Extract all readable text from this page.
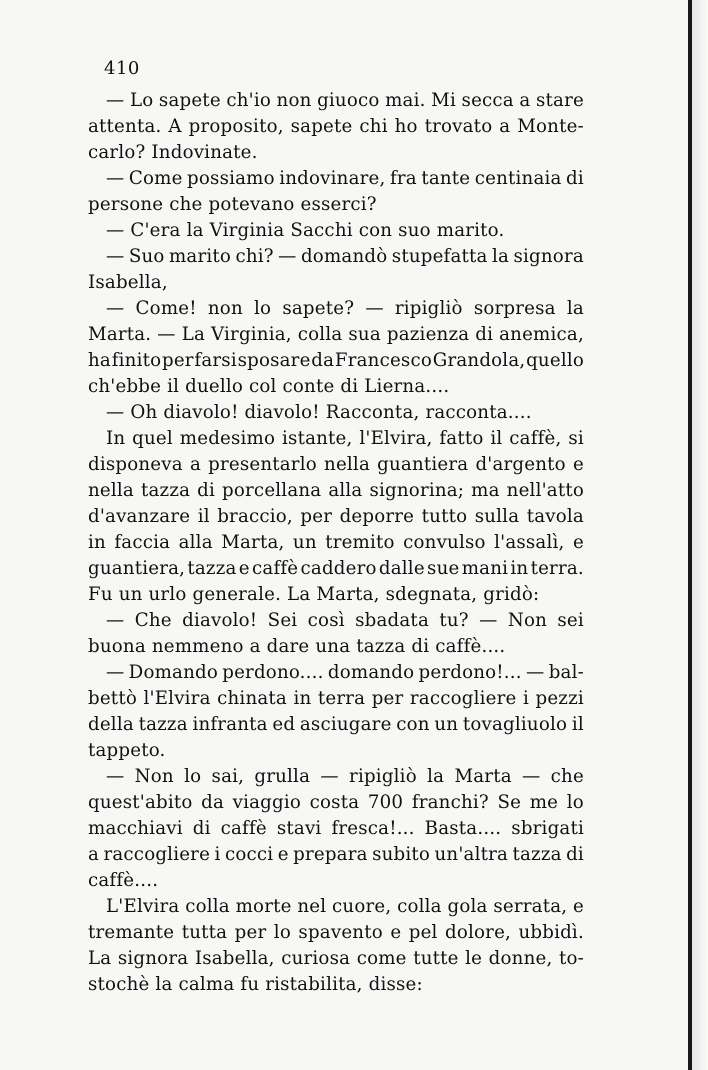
410
— Lo sapete ch'io non giuoco mai. Mi secca a stare
attenta. A proposito, sapete chi ho trovato a Monte-
carlo? Indovinate.
— Come possiamo indovinare, fra tante centinaia di
persone che potevano esserci?
— C'era la Virginia Sacchi con suo marito.
— Suo marito chi? — domandò stupefatta la signora
Isabella,
— Come! non lo sapete? — ripigliò sorpresa la
Marta. — La Virginia, colla sua pazienza di anemica,
ha finito per farsi sposare da Francesco Grandola, quello
ch'ebbe il duello col conte di Lierna....
— Oh diavolo! diavolo! Racconta, racconta....
In quel medesimo istante, l'Elvira, fatto il caffè, si
disponeva a presentarlo nella guantiera d'argento e
nella tazza di porcellana alla signorina; ma nell'atto
d'avanzare il braccio, per deporre tutto sulla tavola
in faccia alla Marta, un tremito convulso l'assalì, e
guantiera, tazza e caffè caddero dalle sue mani in terra.
Fu un urlo generale. La Marta, sdegnata, gridò:
— Che diavolo! Sei così sbadata tu? — Non sei
buona nemmeno a dare una tazza di caffè....
— Domando perdono.... domando perdono!... — bal-
bettò l'Elvira chinata in terra per raccogliere i pezzi
della tazza infranta ed asciugare con un tovagliuolo il
tappeto.
— Non lo sai, grulla — ripigliò la Marta — che
quest'abito da viaggio costa 700 franchi? Se me lo
macchiavi di caffè stavi fresca!... Basta.... sbrigati
a raccogliere i cocci e prepara subito un'altra tazza di
caffè....
L'Elvira colla morte nel cuore, colla gola serrata, e
tremante tutta per lo spavento e pel dolore, ubbidì.
La signora Isabella, curiosa come tutte le donne, to-
stochè la calma fu ristabilita, disse:
